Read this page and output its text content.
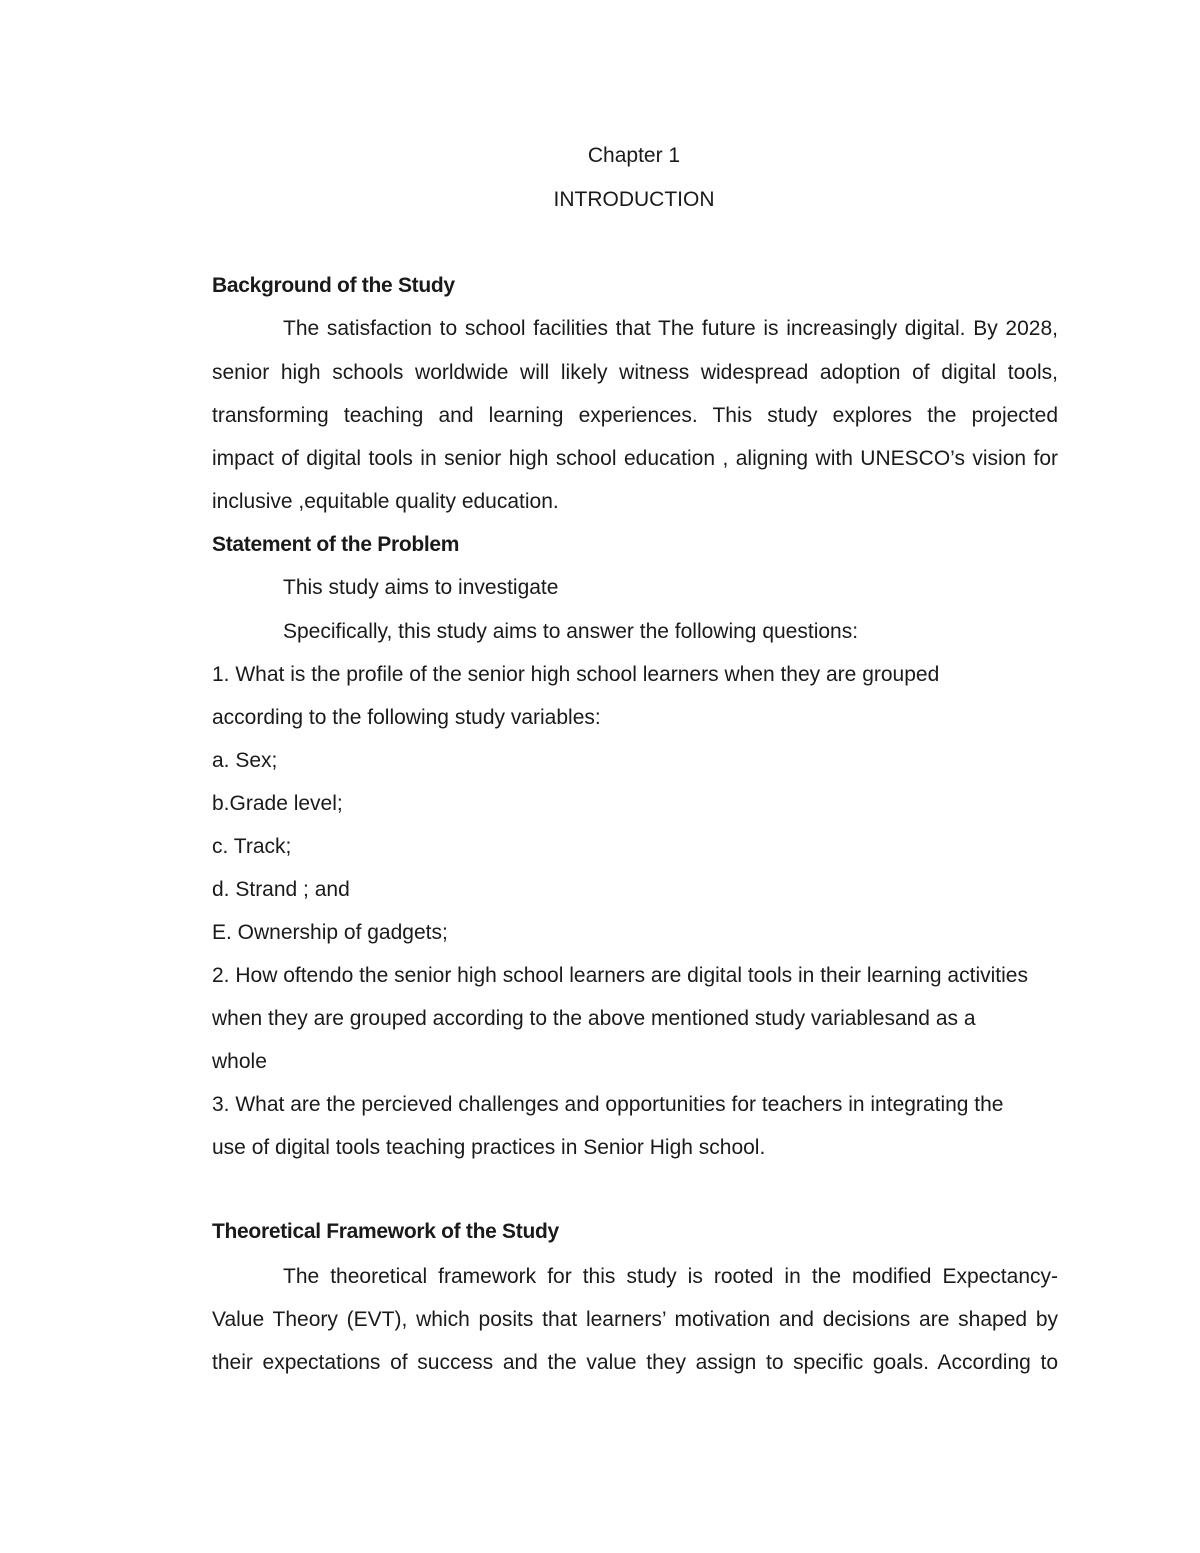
Chapter 1

INTRODUCTION

Background of the Study

The satisfaction to school facilities that The future is increasingly digital. By 2028,

senior high schools worldwide will likely witness widespread adoption of digital tools,

transforming teaching and learning experiences. This study explores the projected

impact of digital tools in senior high school education , aligning with UNESCO’s vision for

inclusive ,equitable quality education.

Statement of the Problem

This study aims to investigate

Specifically, this study aims to answer the following questions:

1. What is the profile of the senior high school learners when they are grouped

according to the following study variables:

a. Sex;

b.Grade level;

c. Track;

d. Strand ; and

E. Ownership of gadgets;

2. How oftendo the senior high school learners are digital tools in their learning activities

when they are grouped according to the above mentioned study variablesand as a

whole

3. What are the percieved challenges and opportunities for teachers in integrating the

use of digital tools teaching practices in Senior High school.

Theoretical Framework of the Study

The theoretical framework for this study is rooted in the modified Expectancy-

Value Theory (EVT), which posits that learners’ motivation and decisions are shaped by

their expectations of success and the value they assign to specific goals. According to
